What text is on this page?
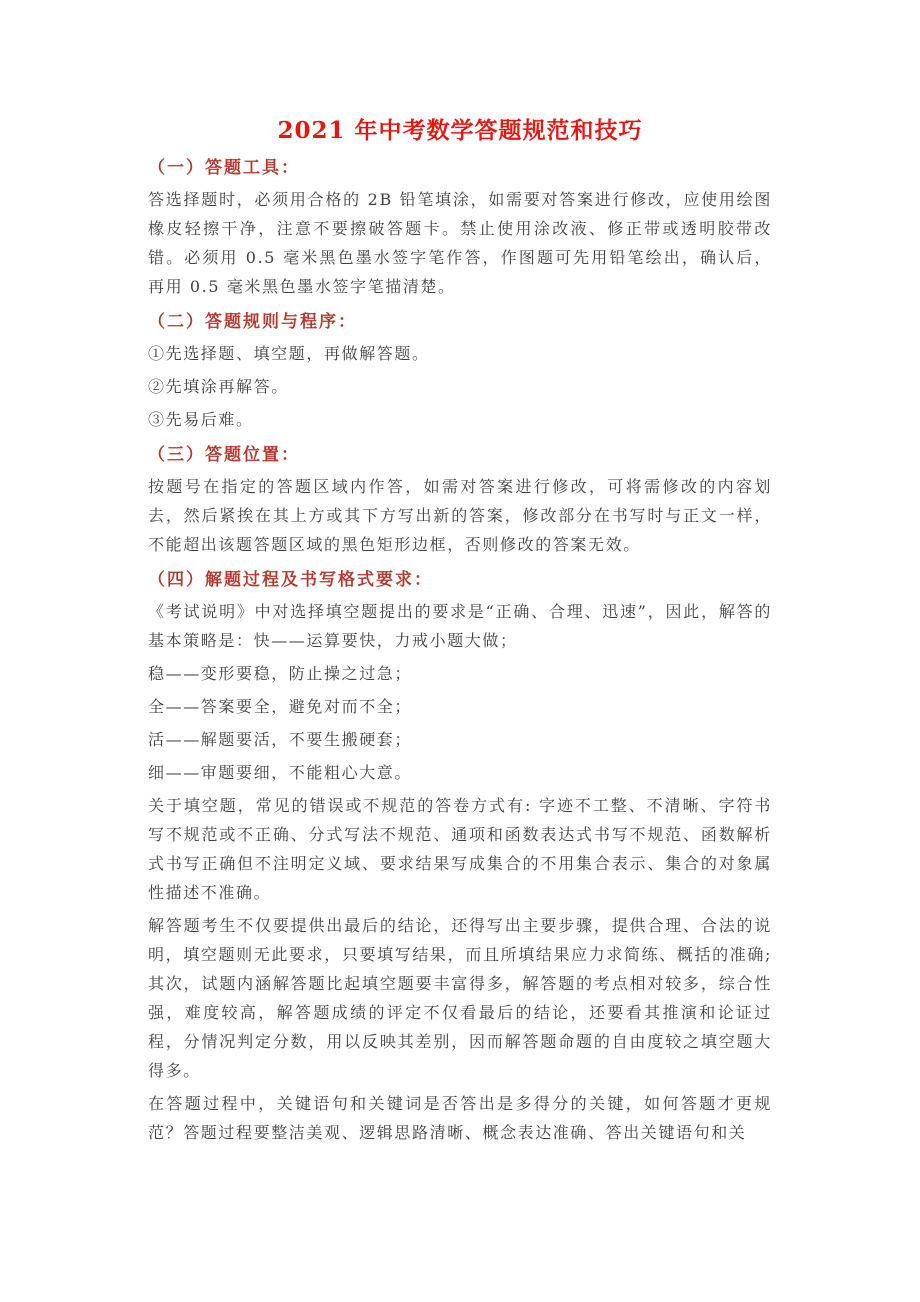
2021 年中考数学答题规范和技巧
（一）答题工具：

答选择题时，必须用合格的 2B 铅笔填涂，如需要对答案进行修改，应使用绘图橡皮轻擦干净，注意不要擦破答题卡。禁止使用涂改液、修正带或透明胶带改错。必须用 0.5 毫米黑色墨水签字笔作答，作图题可先用铅笔绘出，确认后，再用 0.5 毫米黑色墨水签字笔描清楚。

（二）答题规则与程序：

①先选择题、填空题，再做解答题。

②先填涂再解答。

③先易后难。

（三）答题位置：

按题号在指定的答题区域内作答，如需对答案进行修改，可将需修改的内容划去，然后紧挨在其上方或其下方写出新的答案，修改部分在书写时与正文一样，不能超出该题答题区域的黑色矩形边框，否则修改的答案无效。

（四）解题过程及书写格式要求：

《考试说明》中对选择填空题提出的要求是“正确、合理、迅速”，因此，解答的基本策略是：快——运算要快，力戒小题大做；

稳——变形要稳，防止操之过急；

全——答案要全，避免对而不全；

活——解题要活，不要生搬硬套；

细——审题要细，不能粗心大意。

关于填空题，常见的错误或不规范的答卷方式有: 字迹不工整、不清晰、字符书写不规范或不正确、分式写法不规范、通项和函数表达式书写不规范、函数解析式书写正确但不注明定义域、要求结果写成集合的不用集合表示、集合的对象属性描述不准确。

解答题考生不仅要提供出最后的结论，还得写出主要步骤，提供合理、合法的说明，填空题则无此要求，只要填写结果，而且所填结果应力求简练、概括的准确; 其次，试题内涵解答题比起填空题要丰富得多，解答题的考点相对较多，综合性强，难度较高，解答题成绩的评定不仅看最后的结论，还要看其推演和论证过程，分情况判定分数，用以反映其差别，因而解答题命题的自由度较之填空题大得多。

在答题过程中，关键语句和关键词是否答出是多得分的关键，如何答题才更规范？答题过程要整洁美观、逻辑思路清晰、概念表达准确、答出关键语句和关
